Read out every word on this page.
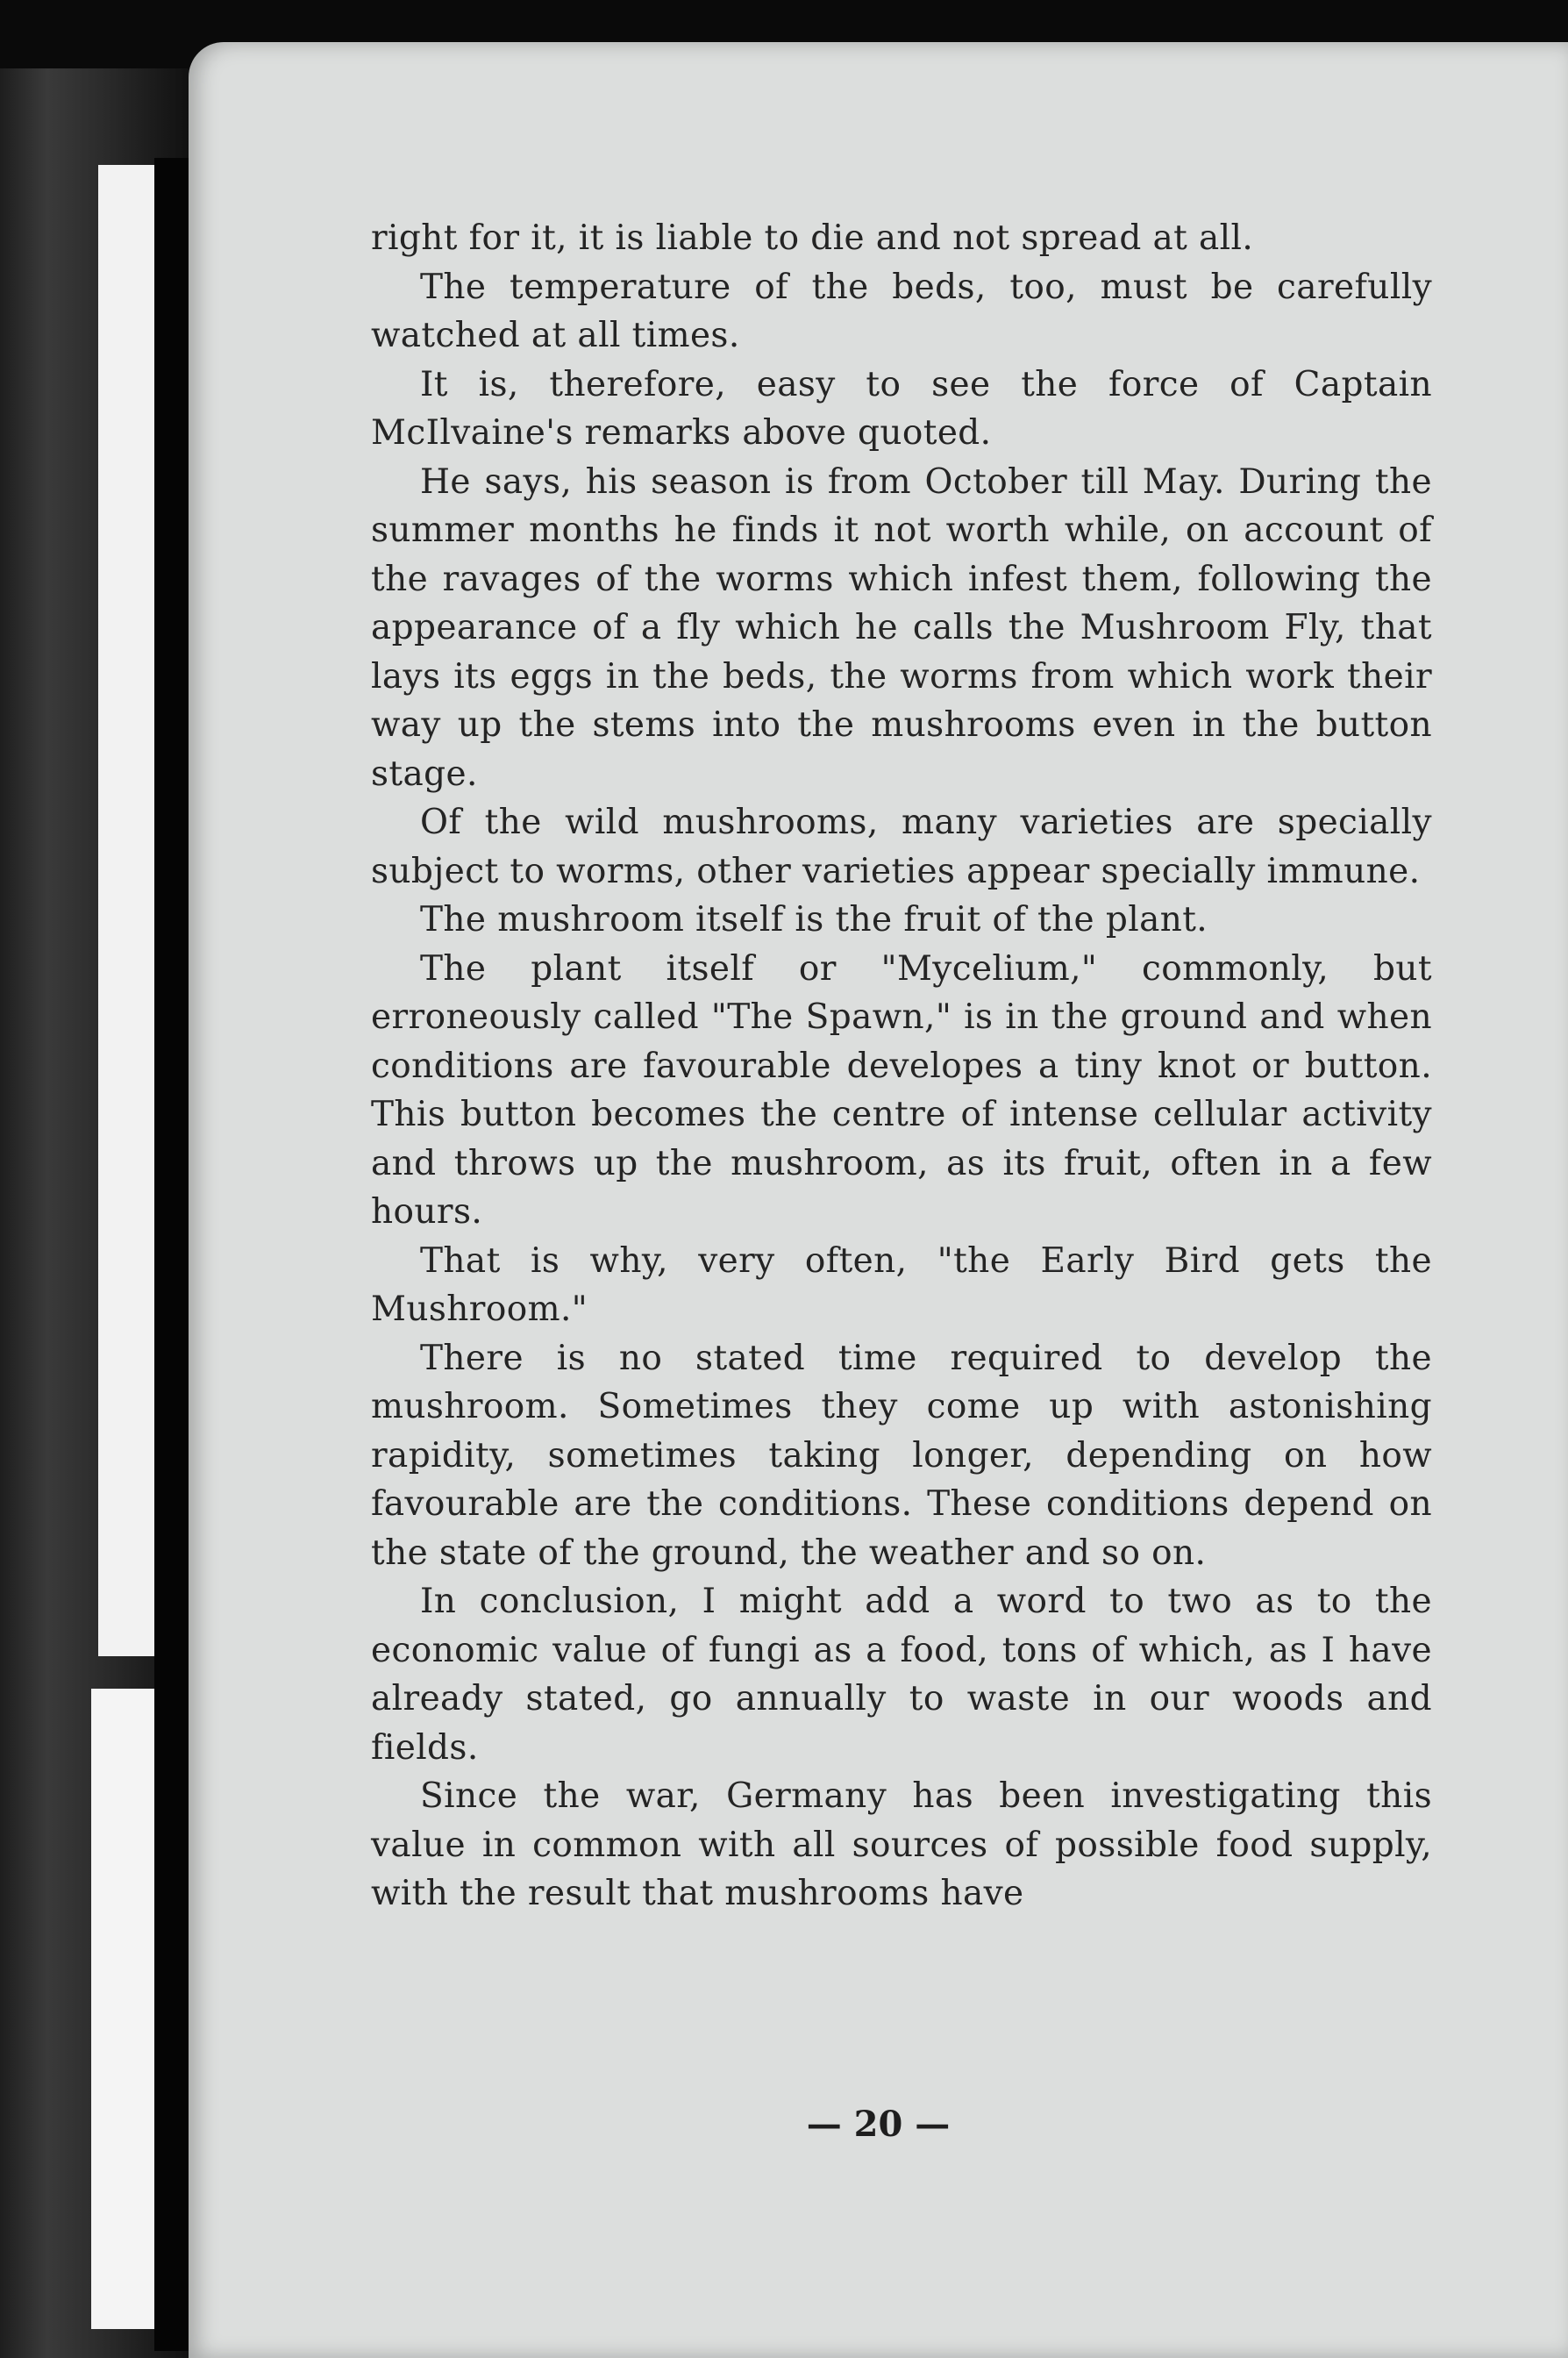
right for it, it is liable to die and not spread at all.

The temperature of the beds, too, must be carefully watched at all times.

It is, therefore, easy to see the force of Captain McIlvaine's remarks above quoted.

He says, his season is from October till May. During the summer months he finds it not worth while, on account of the ravages of the worms which infest them, following the appearance of a fly which he calls the Mushroom Fly, that lays its eggs in the beds, the worms from which work their way up the stems into the mushrooms even in the button stage.

Of the wild mushrooms, many varieties are specially subject to worms, other varieties appear specially immune.

The mushroom itself is the fruit of the plant.

The plant itself or "Mycelium," commonly, but erroneously called "The Spawn," is in the ground and when conditions are favourable developes a tiny knot or button. This button becomes the centre of intense cellular activity and throws up the mushroom, as its fruit, often in a few hours.

That is why, very often, "the Early Bird gets the Mushroom."

There is no stated time required to develop the mushroom. Sometimes they come up with astonishing rapidity, sometimes taking longer, depending on how favourable are the conditions. These conditions depend on the state of the ground, the weather and so on.

In conclusion, I might add a word to two as to the economic value of fungi as a food, tons of which, as I have already stated, go annually to waste in our woods and fields.

Since the war, Germany has been investigating this value in common with all sources of possible food supply, with the result that mushrooms have

— 20 —
